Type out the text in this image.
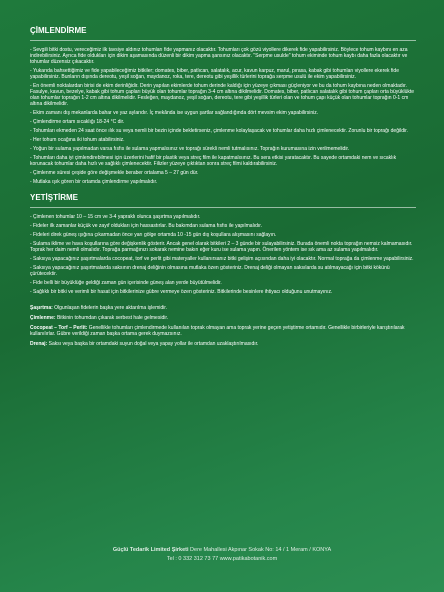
ÇİMLENDİRME

- Sevgili bitki dostu, vereceğimiz ilk tavsiye aldınız tohumları fide yapmanız olacaktır. Tohumları çok gözü viyollere dikerek fide yapabilirsiniz. Böylece tohum kaybını en aza indirebilirsiniz. Ayrıca fide oldukları için dikim aşamasında düzenli bir dikim yapma şansınız olacaktır. "Serpme usulde" tohum ekiminde tohum kaybı daha fazla olacaktır ve tohumlar düzensiz çıkacaktır.

- Yukarıda bahsettiğimiz ve fide yapabileceğimiz bitkiler; domates, biber, patlıcan, salatalık, acur, kavun karpuz, marul, pırasa, kabak gibi tohumları viyollere ekerek fide yapabilirsiniz. Bunların dışında dereotu, yeşil soğan, maydanoz, roka, tere, dereotu gibi yeşillik türlerini toprağa serpme usulü ile ekim yapabilirsiniz.

- En önemli noktalardan birisi de ekim derinliğidir. Derin yapılan ekimlerde tohum derinde kaldığı için yüzeye çıkması güçleniyor ve bu da tohum kaybına neden olmaktadır. Fasulye, kavun, bezelye, kabak gibi tohum çapları büyük olan tohumlar toprağın 3-4 cm altına dikilmelidir. Domates, biber, patlıcan salatalık gibi tohum çapları orta büyüklükte olan tohumlar toprağın 1-2 cm altına dikilmelidir. Fesleğen, maydanoz, yeşil soğan, dereotu, tere gibi yeşillik türleri olan ve tohum çapı küçük olan tohumlar toprağın 0-1 cm altına dikilmelidir.

- Ekim zamanı dış mekanlarda bahar ve yaz aylarıdır. İç mekânda ise uygun şartlar sağlandığında dört mevsim ekim yapabilirsiniz.

- Çimlendirme ortam sıcaklığı 18-24 °C dir.

- Tohumları ekmeden 24 saat önce ılık su veya nemli bir bezin içinde bekletirseniz, çimlenme kolaylaşacak ve tohumlar daha hızlı çimlenecektir. Zorunlu bir toprağı değildir.

- Her tohum ocağına iki tohum atabilirsiniz.

- Yoğun bir sulama yapılmadan varsa fısfıs ile sulama yapmalısınız ve toprağı sürekli nemli tutmalısınız. Toprağın kurumasına izin verilmemelidir.

- Tohumları daha iyi çimlendirebilmesi için üzerlerini hafif bir plastik veya streç film ile kapatmalısınız. Bu sera etkisi yaratacaktır. Bu sayede ortamdaki nem ve sıcaklık korunacak tohumlar daha hızlı ve sağlıklı çimlenecektir. Filizler yüzeye çıktıktan sonra streç filmi kaldırabilirsiniz.

- Çimlenme süresi çeşide göre değişmekle beraber ortalama 5 – 27 gün dür.

- Mutlaka ışık gören bir ortamda çimlendirme yapılmalıdır.

YETİŞTİRME

- Çimlenen tohumlar 10 – 15 cm ve 3-4 yapraklı olunca şaşırtma yapılmalıdır.

- Fideler ilk zamanlar küçük ve zayıf oldukları için hassastırlar. Bu bakımdan sulama fısfıs ile yapılmalıdır.

- Fideleri direk güneş ışığına çıkarmadan önce yarı gölge ortamda 10 -15 gün dış koşullara alışmasını sağlayın.

- Sulama iklime ve hava koşullarına göre değişkenlik gösterir. Ancak genel olarak bitkileri 2 – 3 günde bir sulayabilirsiniz. Burada önemli nokta toprağın nemsiz kalmamasıdır. Toprak her daim nemli olmalıdır. Toprağa parmağınızı sokarak nemine bakın eğer kuru ise sulama yapın. Önerilen yöntem ise sık ama az sulama yapılmalıdır.

- Saksıya yapacağınız şaşırtmalarda cocopeat, torf ve perlit gibi materyaller kullanırsanız bitki gelişim açısından daha iyi olacaktır. Normal toprağa da çimlenme yapabilirsiniz.

- Saksıya yapacağınız şaşırtmalarda saksının drenaj deliğinin olmasına mutlaka özen gösteriniz. Drenaj deliği olmayan saksılarda su atılmayacağı için bitki kökünü çürütecektir.

- Fide belli bir büyüklüğe geldiği zaman gün içerisinde güneş alan yerde büyütülmelidir.

- Sağlıklı bir bitki ve verimli bir hasat için bitkilerinize gübre vermeye özen gösteriniz. Bitkilerinde besinlere ihtiyacı olduğunu unutmayınız.

Şaşırtma: Olgunlaşan fidelerin başka yere aktarılma işlemidir.

Çimlenme: Bitkinin tohumdan çıkarak serbest hale gelmesidir.

Cocopeat – Torf – Perlit: Genellikle tohumları çimlendirmede kullanılan toprak olmayan ama toprak yerine geçen yetiştirme ortamıdır. Genellikle birbirleriyle karıştırılarak kullanılırlar. Gübre verildiği zaman başka ortama gerek duymazsınız.

Drenaj: Saksı veya başka bir ortamdaki suyun doğal veya yapay yollar ile ortamdan uzaklaştırılmasıdır.

Güçlü Tedarik Limited Şirketi Dere Mahallesi Akpınar Sokak No: 14 / 1 Meram / KONYA
Tel : 0 332 312 73 77 www.patikabotanik.com
